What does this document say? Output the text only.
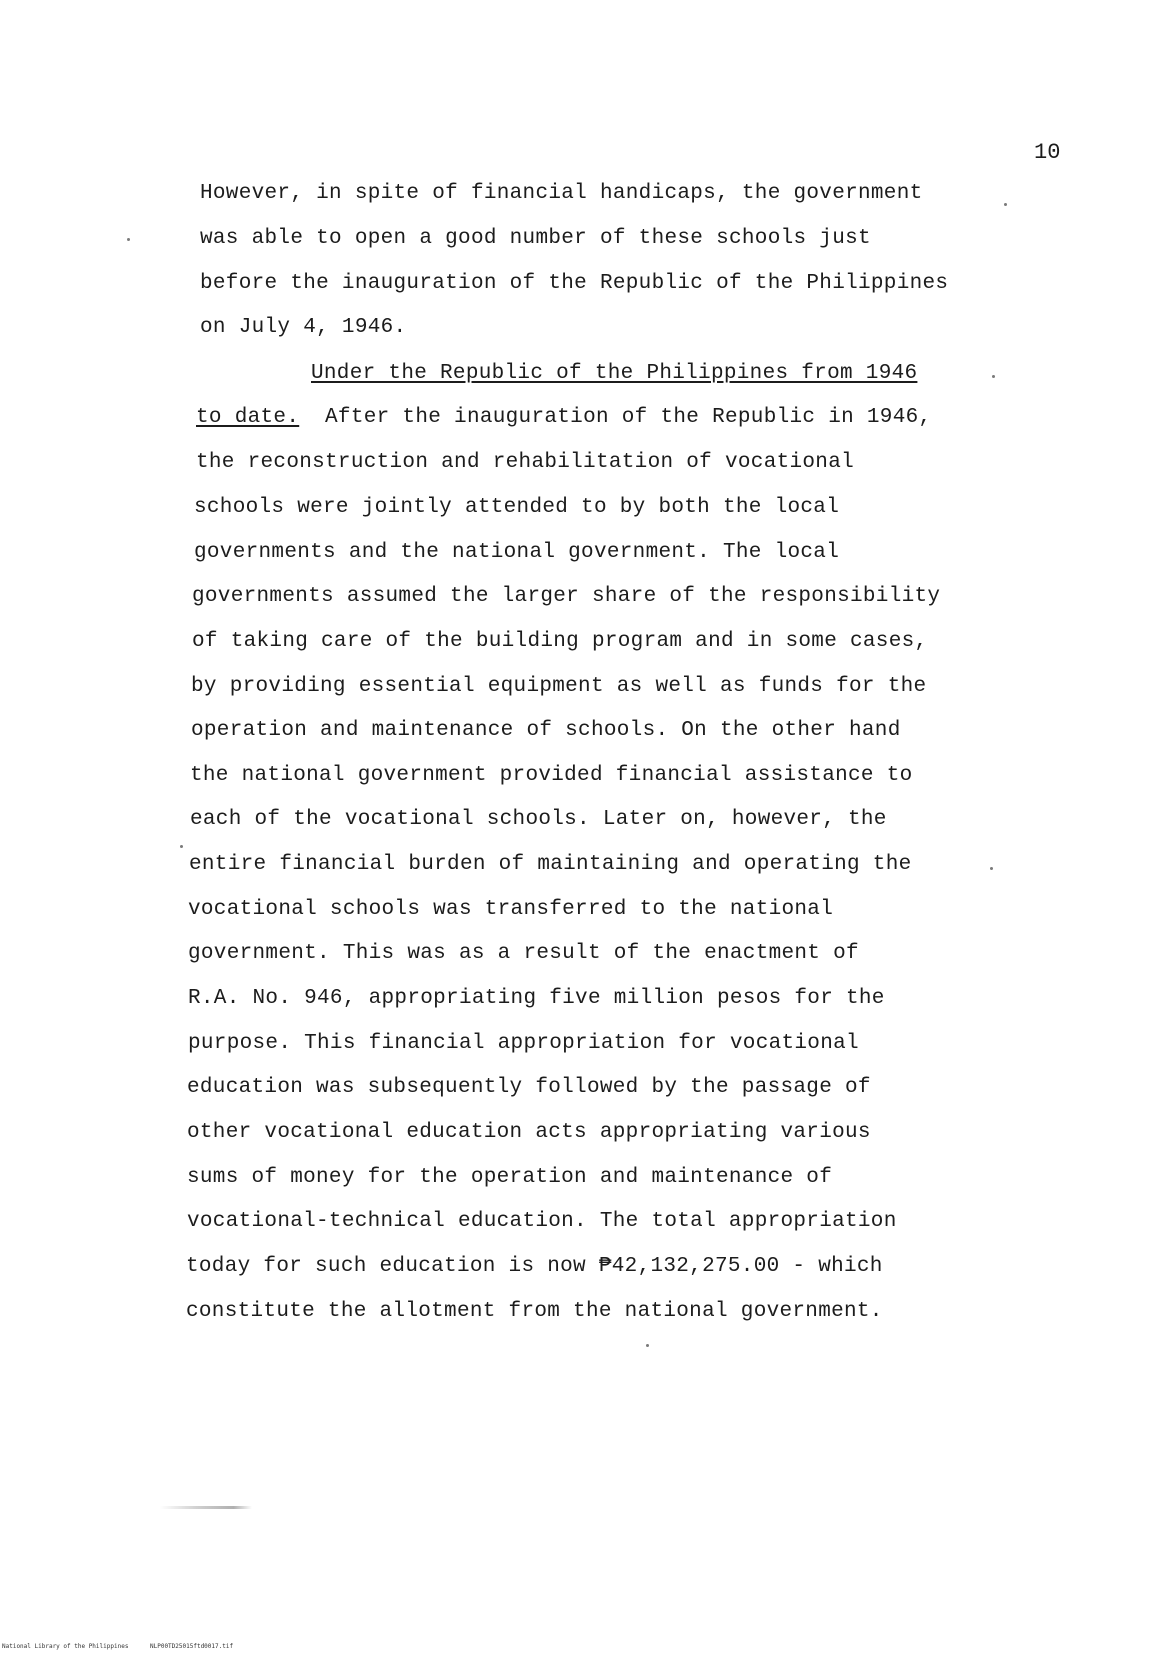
10
However, in spite of financial handicaps, the government
was able to open a good number of these schools just
before the inauguration of the Republic of the Philippines
on July 4, 1946.
Under the Republic of the Philippines from 1946
to date.  After the inauguration of the Republic in 1946,
the reconstruction and rehabilitation of vocational
schools were jointly attended to by both the local
governments and the national government. The local
governments assumed the larger share of the responsibility
of taking care of the building program and in some cases,
by providing essential equipment as well as funds for the
operation and maintenance of schools. On the other hand
the national government provided financial assistance to
each of the vocational schools. Later on, however, the
entire financial burden of maintaining and operating the
vocational schools was transferred to the national
government. This was as a result of the enactment of
R.A. No. 946, appropriating five million pesos for the
purpose. This financial appropriation for vocational
education was subsequently followed by the passage of
other vocational education acts appropriating various
sums of money for the operation and maintenance of
vocational-technical education. The total appropriation
today for such education is now ₱42,132,275.00 - which
constitute the allotment from the national government.
National Library of the Philippines	NLP00TD25015ftd0017.tif
